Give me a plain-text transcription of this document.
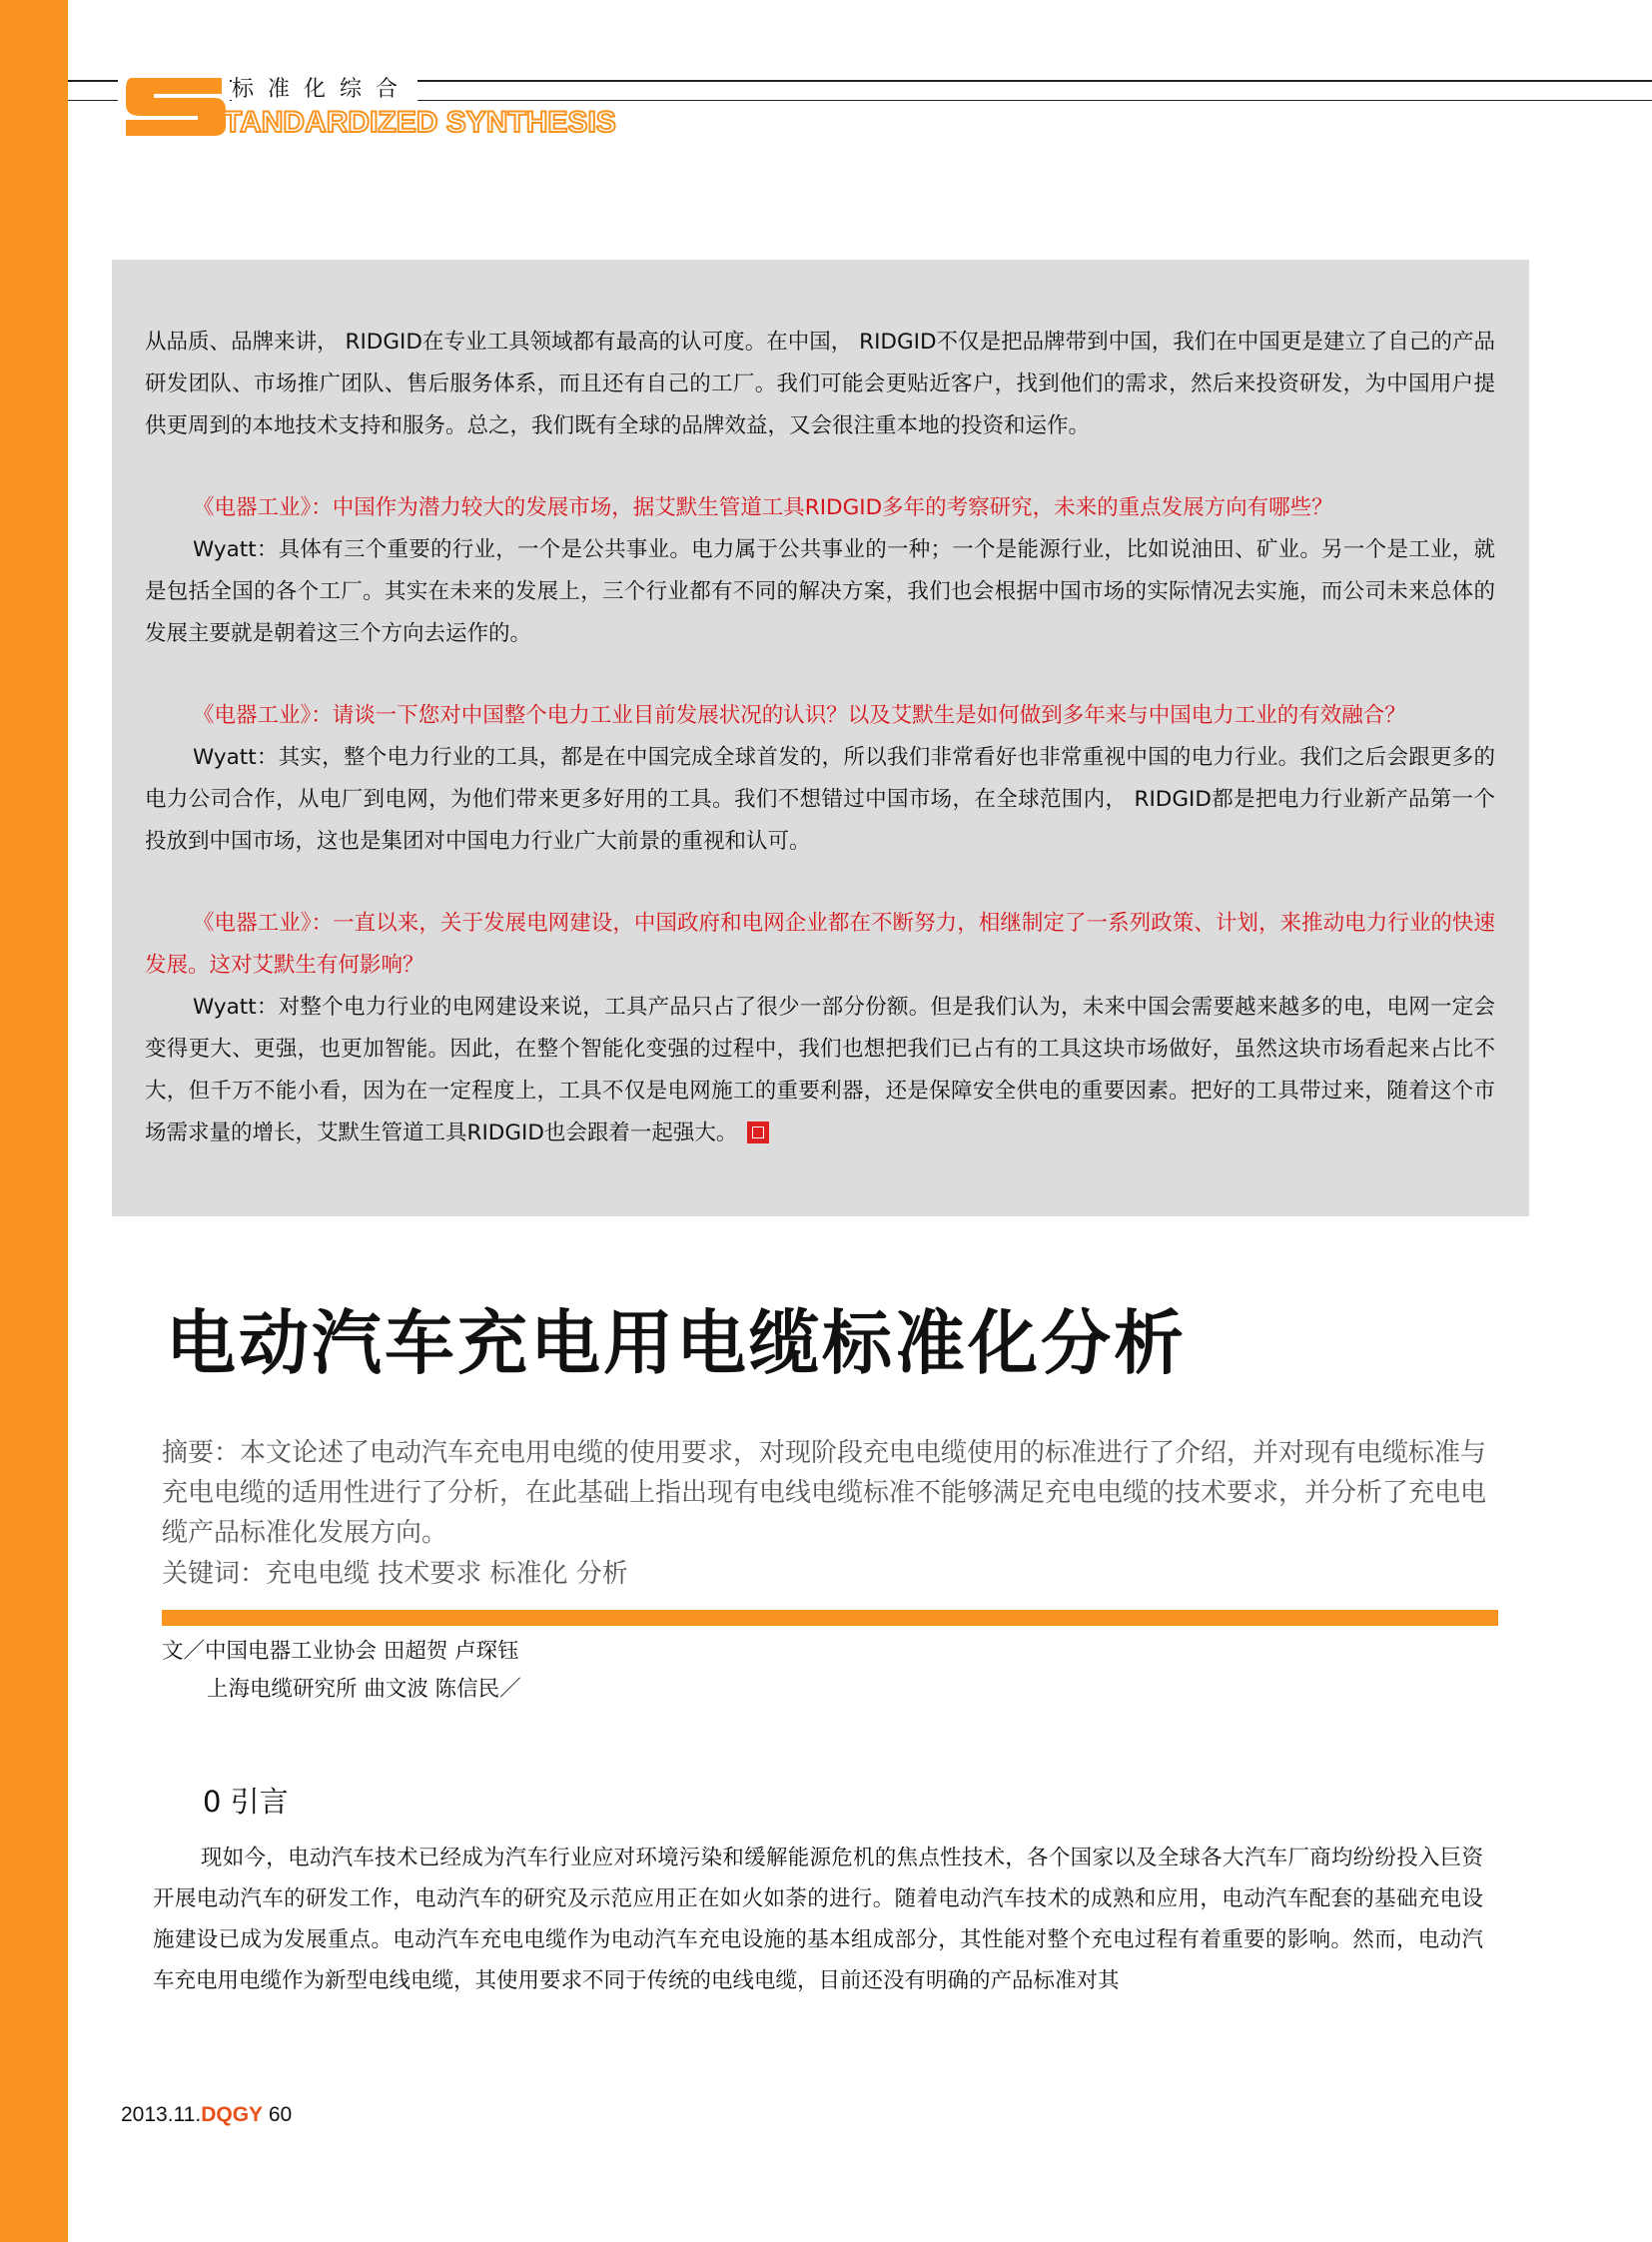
标准化综合
TANDARDIZED SYNTHESIS

从品质、品牌来讲， RIDGID在专业工具领域都有最高的认可度。在中国， RIDGID不仅是把品牌带到中国，我们在中国更是建立了自己的产品研发团队、市场推广团队、售后服务体系，而且还有自己的工厂。我们可能会更贴近客户，找到他们的需求，然后来投资研发，为中国用户提供更周到的本地技术支持和服务。总之，我们既有全球的品牌效益，又会很注重本地的投资和运作。

《电器工业》：中国作为潜力较大的发展市场，据艾默生管道工具RIDGID多年的考察研究，未来的重点发展方向有哪些？

Wyatt：具体有三个重要的行业，一个是公共事业。电力属于公共事业的一种；一个是能源行业，比如说油田、矿业。另一个是工业，就是包括全国的各个工厂。其实在未来的发展上，三个行业都有不同的解决方案，我们也会根据中国市场的实际情况去实施，而公司未来总体的发展主要就是朝着这三个方向去运作的。

《电器工业》：请谈一下您对中国整个电力工业目前发展状况的认识？以及艾默生是如何做到多年来与中国电力工业的有效融合？

Wyatt：其实，整个电力行业的工具，都是在中国完成全球首发的，所以我们非常看好也非常重视中国的电力行业。我们之后会跟更多的电力公司合作，从电厂到电网，为他们带来更多好用的工具。我们不想错过中国市场，在全球范围内， RIDGID都是把电力行业新产品第一个投放到中国市场，这也是集团对中国电力行业广大前景的重视和认可。

《电器工业》：一直以来，关于发展电网建设，中国政府和电网企业都在不断努力，相继制定了一系列政策、计划，来推动电力行业的快速发展。这对艾默生有何影响？

Wyatt：对整个电力行业的电网建设来说，工具产品只占了很少一部分份额。但是我们认为，未来中国会需要越来越多的电，电网一定会变得更大、更强，也更加智能。因此，在整个智能化变强的过程中，我们也想把我们已占有的工具这块市场做好，虽然这块市场看起来占比不大，但千万不能小看，因为在一定程度上，工具不仅是电网施工的重要利器，还是保障安全供电的重要因素。把好的工具带过来，随着这个市场需求量的增长，艾默生管道工具RIDGID也会跟着一起强大。

电动汽车充电用电缆标准化分析

摘要：本文论述了电动汽车充电用电缆的使用要求，对现阶段充电电缆使用的标准进行了介绍，并对现有电缆标准与充电电缆的适用性进行了分析，在此基础上指出现有电线电缆标准不能够满足充电电缆的技术要求，并分析了充电电缆产品标准化发展方向。

关键词：充电电缆 技术要求 标准化 分析

文／中国电器工业协会 田超贺 卢琛钰

上海电缆研究所 曲文波 陈信民／

0 引言

现如今，电动汽车技术已经成为汽车行业应对环境污染和缓解能源危机的焦点性技术，各个国家以及全球各大汽车厂商均纷纷投入巨资开展电动汽车的研发工作，电动汽车的研究及示范应用正在如火如荼的进行。随着电动汽车技术的成熟和应用，电动汽车配套的基础充电设施建设已成为发展重点。电动汽车充电电缆作为电动汽车充电设施的基本组成部分，其性能对整个充电过程有着重要的影响。然而，电动汽车充电用电缆作为新型电线电缆，其使用要求不同于传统的电线电缆，目前还没有明确的产品标准对其

2013.11.DQGY 60
